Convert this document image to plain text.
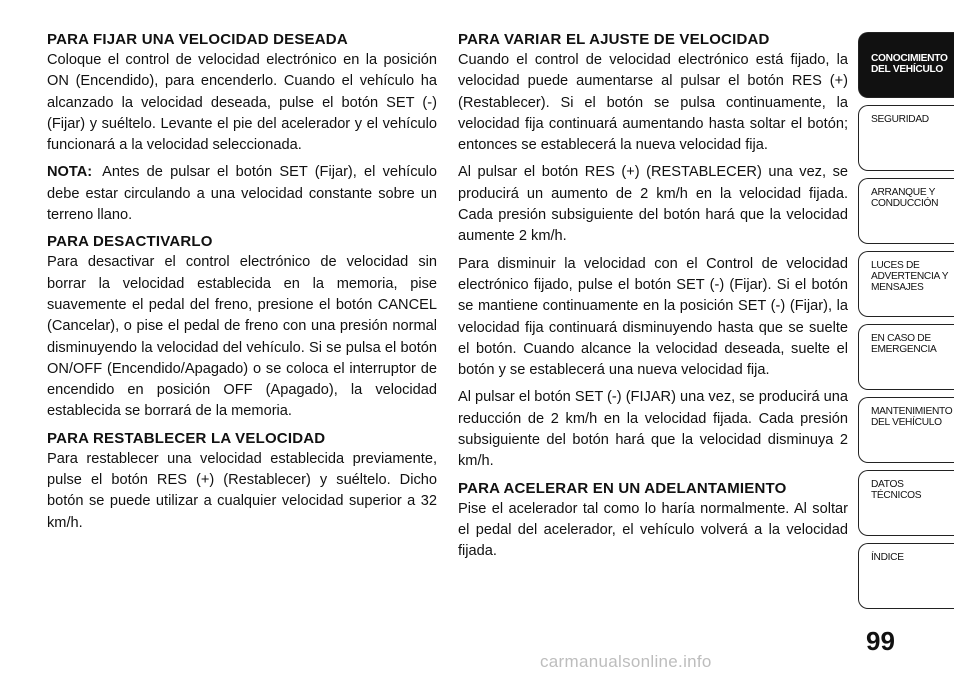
PARA FIJAR UNA VELOCIDAD DESEADA

Coloque el control de velocidad electrónico en la posición ON (Encendido), para encenderlo. Cuando el vehículo ha alcanzado la velocidad deseada, pulse el botón SET (-) (Fijar) y suéltelo. Levante el pie del acelerador y el vehículo funcionará a la velocidad seleccionada.

NOTA: Antes de pulsar el botón SET (Fijar), el vehículo debe estar circulando a una velocidad constante sobre un terreno llano.

PARA DESACTIVARLO

Para desactivar el control electrónico de velocidad sin borrar la velocidad establecida en la memoria, pise suavemente el pedal del freno, presione el botón CANCEL (Cancelar), o pise el pedal de freno con una presión normal disminuyendo la velocidad del vehículo. Si se pulsa el botón ON/OFF (Encendido/Apagado) o se coloca el interruptor de encendido en posición OFF (Apagado), la velocidad establecida se borrará de la memoria.

PARA RESTABLECER LA VELOCIDAD

Para restablecer una velocidad establecida previamente, pulse el botón RES (+) (Restablecer) y suéltelo. Dicho botón se puede utilizar a cualquier velocidad superior a 32 km/h.

PARA VARIAR EL AJUSTE DE VELOCIDAD

Cuando el control de velocidad electrónico está fijado, la velocidad puede aumentarse al pulsar el botón RES (+) (Restablecer). Si el botón se pulsa continuamente, la velocidad fija continuará aumentando hasta soltar el botón; entonces se establecerá la nueva velocidad fija.

Al pulsar el botón RES (+) (RESTABLECER) una vez, se producirá un aumento de 2 km/h en la velocidad fijada. Cada presión subsiguiente del botón hará que la velocidad aumente 2 km/h.

Para disminuir la velocidad con el Control de velocidad electrónico fijado, pulse el botón SET (-) (Fijar). Si el botón se mantiene continuamente en la posición SET (-) (Fijar), la velocidad fija continuará disminuyendo hasta que se suelte el botón. Cuando alcance la velocidad deseada, suelte el botón y se establecerá una nueva velocidad fija.

Al pulsar el botón SET (-) (FIJAR) una vez, se producirá una reducción de 2 km/h en la velocidad fijada. Cada presión subsiguiente del botón hará que la velocidad disminuya 2 km/h.

PARA ACELERAR EN UN ADELANTAMIENTO

Pise el acelerador tal como lo haría normalmente. Al soltar el pedal del acelerador, el vehículo volverá a la velocidad fijada.

CONOCIMIENTO
DEL VEHÍCULO
SEGURIDAD
ARRANQUE Y
CONDUCCIÓN
LUCES DE
ADVERTENCIA Y
MENSAJES
EN CASO DE
EMERGENCIA
MANTENIMIENTO
DEL VEHÍCULO
DATOS
TÉCNICOS
ÍNDICE
99
carmanualsonline.info
